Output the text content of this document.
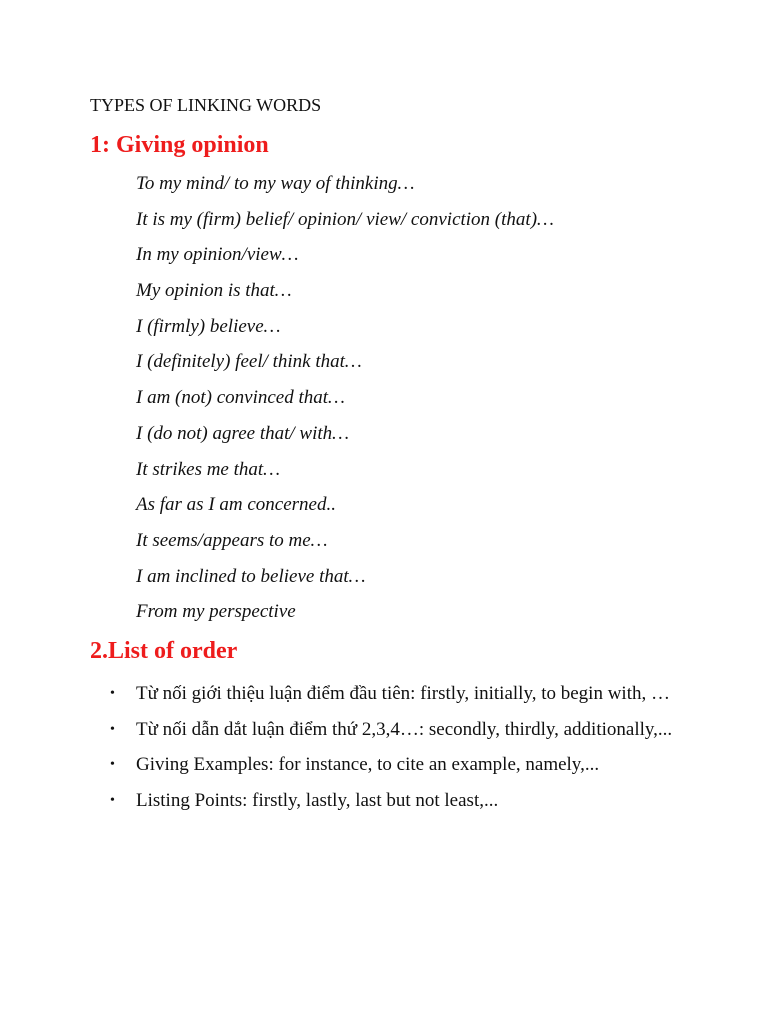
TYPES OF LINKING WORDS
1: Giving opinion
To my mind/ to my way of thinking…
It is my (firm) belief/ opinion/ view/ conviction (that)…
In my opinion/view…
My opinion is that…
I (firmly) believe…
I (definitely) feel/ think that…
I am (not) convinced that…
I (do not) agree that/ with…
It strikes me that…
As far as I am concerned..
It seems/appears to me…
I am inclined to believe that…
From my perspective
2.List of order
• Từ nối giới thiệu luận điểm đầu tiên: firstly, initially, to begin with, …
• Từ nối dẫn dắt luận điểm thứ 2,3,4…: secondly, thirdly, additionally,...
• Giving Examples: for instance, to cite an example, namely,...
• Listing Points: firstly, lastly, last but not least,...
